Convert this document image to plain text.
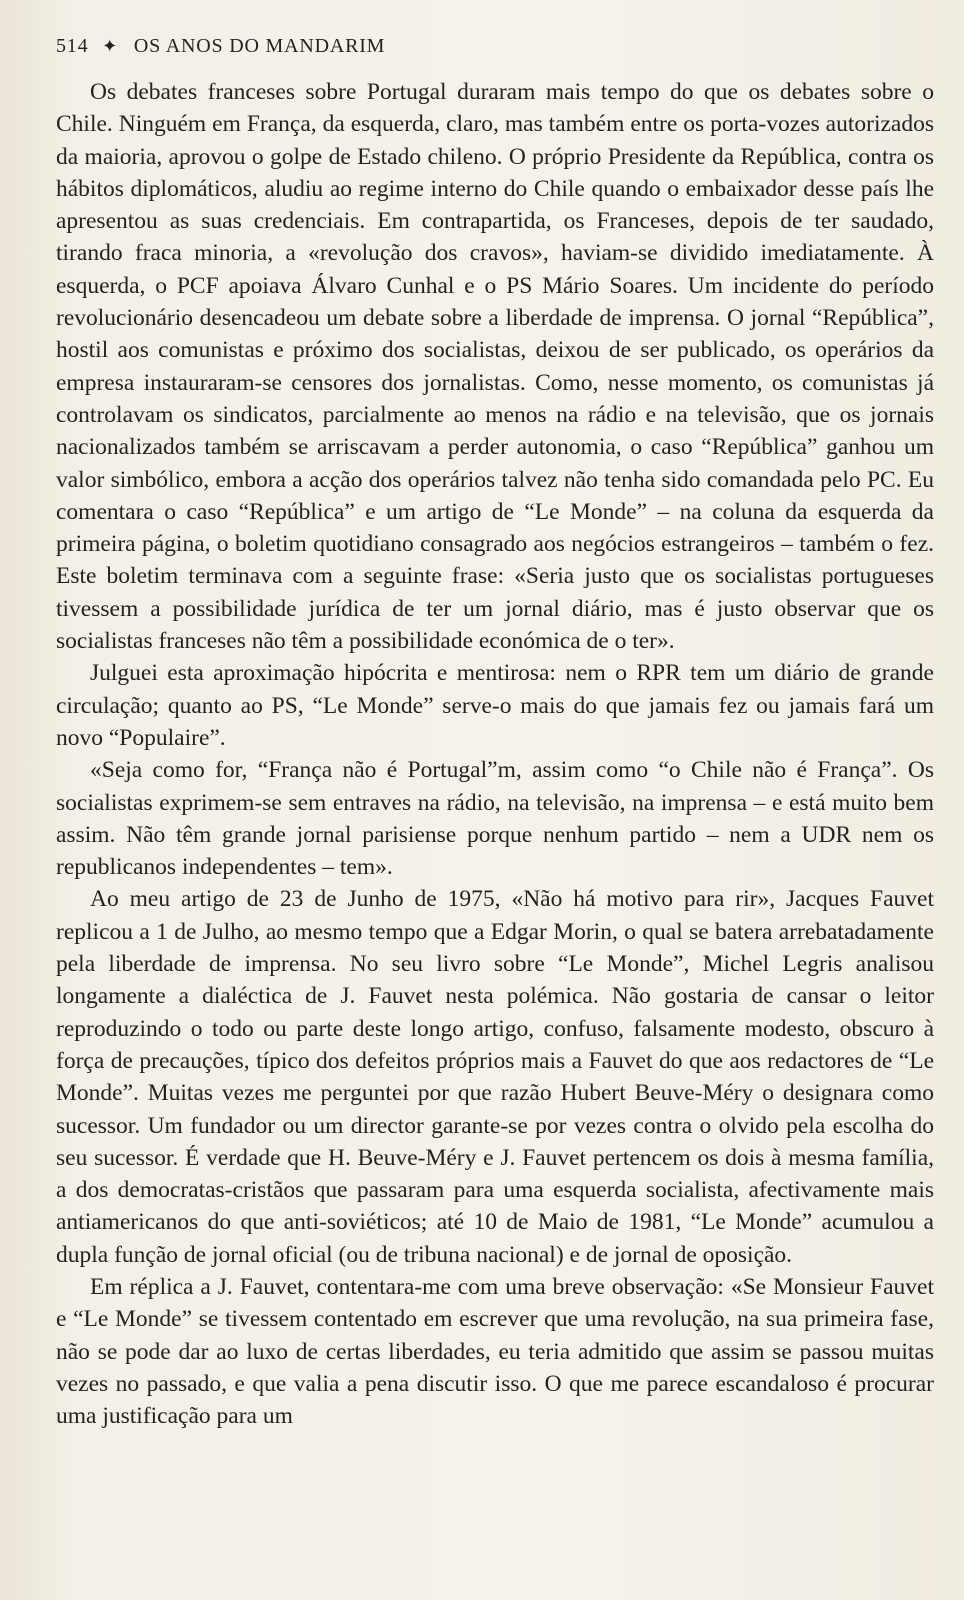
514 ✦ OS ANOS DO MANDARIM

Os debates franceses sobre Portugal duraram mais tempo do que os debates sobre o Chile. Ninguém em França, da esquerda, claro, mas também entre os porta-vozes autorizados da maioria, aprovou o golpe de Estado chileno. O próprio Presidente da República, contra os hábitos diplomáticos, aludiu ao regime interno do Chile quando o embaixador desse país lhe apresentou as suas credenciais. Em contrapartida, os Franceses, depois de ter saudado, tirando fraca minoria, a «revolução dos cravos», haviam-se dividido imediatamente. À esquerda, o PCF apoiava Álvaro Cunhal e o PS Mário Soares. Um incidente do período revolucionário desencadeou um debate sobre a liberdade de imprensa. O jornal “República”, hostil aos comunistas e próximo dos socialistas, deixou de ser publicado, os operários da empresa instauraram-se censores dos jornalistas. Como, nesse momento, os comunistas já controlavam os sindicatos, parcialmente ao menos na rádio e na televisão, que os jornais nacionalizados também se arriscavam a perder autonomia, o caso “República” ganhou um valor simbólico, embora a acção dos operários talvez não tenha sido comandada pelo PC. Eu comentara o caso “República” e um artigo de “Le Monde” – na coluna da esquerda da primeira página, o boletim quotidiano consagrado aos negócios estrangeiros – também o fez. Este boletim terminava com a seguinte frase: «Seria justo que os socialistas portugueses tivessem a possibilidade jurídica de ter um jornal diário, mas é justo observar que os socialistas franceses não têm a possibilidade económica de o ter».

Julguei esta aproximação hipócrita e mentirosa: nem o RPR tem um diário de grande circulação; quanto ao PS, “Le Monde” serve-o mais do que jamais fez ou jamais fará um novo “Populaire”.

«Seja como for, “França não é Portugal”m, assim como “o Chile não é França”. Os socialistas exprimem-se sem entraves na rádio, na televisão, na imprensa – e está muito bem assim. Não têm grande jornal parisiense porque nenhum partido – nem a UDR nem os republicanos independentes – tem».

Ao meu artigo de 23 de Junho de 1975, «Não há motivo para rir», Jacques Fauvet replicou a 1 de Julho, ao mesmo tempo que a Edgar Morin, o qual se batera arrebatadamente pela liberdade de imprensa. No seu livro sobre “Le Monde”, Michel Legris analisou longamente a dialéctica de J. Fauvet nesta polémica. Não gostaria de cansar o leitor reproduzindo o todo ou parte deste longo artigo, confuso, falsamente modesto, obscuro à força de precauções, típico dos defeitos próprios mais a Fauvet do que aos redactores de “Le Monde”. Muitas vezes me perguntei por que razão Hubert Beuve-Méry o designara como sucessor. Um fundador ou um director garante-se por vezes contra o olvido pela escolha do seu sucessor. É verdade que H. Beuve-Méry e J. Fauvet pertencem os dois à mesma família, a dos democratas-cristãos que passaram para uma esquerda socialista, afectivamente mais antiamericanos do que anti-soviéticos; até 10 de Maio de 1981, “Le Monde” acumulou a dupla função de jornal oficial (ou de tribuna nacional) e de jornal de oposição.

Em réplica a J. Fauvet, contentara-me com uma breve observação: «Se Monsieur Fauvet e “Le Monde” se tivessem contentado em escrever que uma revolução, na sua primeira fase, não se pode dar ao luxo de certas liberdades, eu teria admitido que assim se passou muitas vezes no passado, e que valia a pena discutir isso. O que me parece escandaloso é procurar uma justificação para um
